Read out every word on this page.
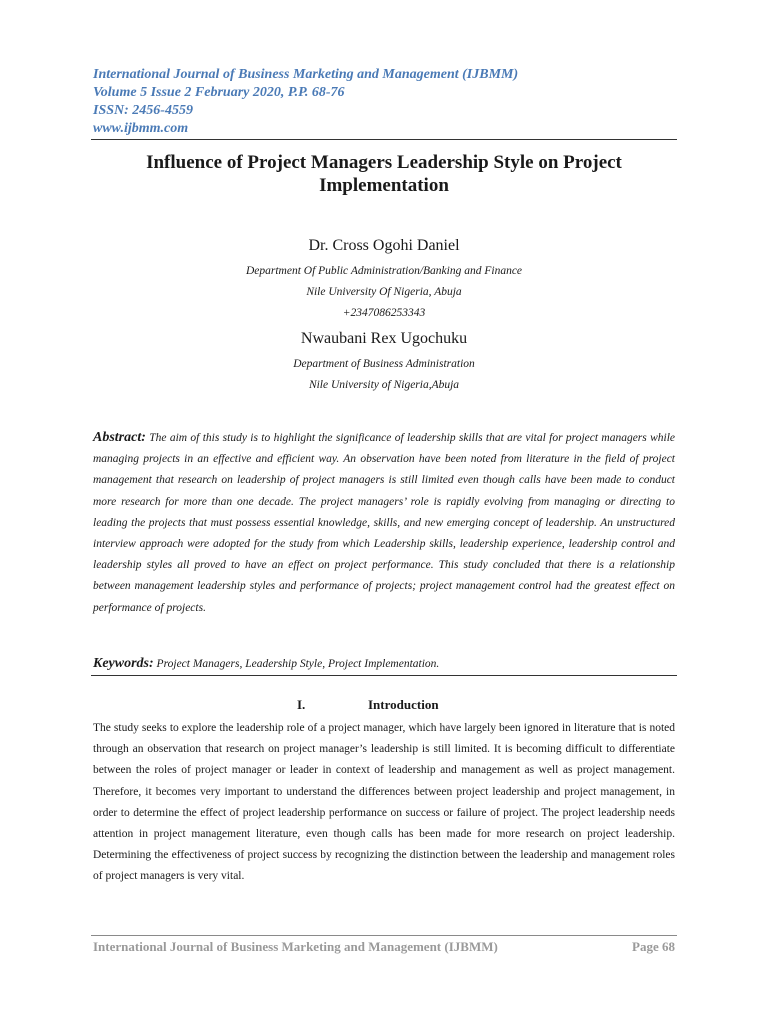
International Journal of Business Marketing and Management (IJBMM)
Volume 5 Issue 2 February 2020, P.P. 68-76
ISSN: 2456-4559
www.ijbmm.com
Influence of Project Managers Leadership Style on Project Implementation
Dr. Cross Ogohi Daniel
Department Of Public Administration/Banking and Finance
Nile University Of Nigeria, Abuja
+2347086253343
Nwaubani Rex Ugochuku
Department of Business Administration
Nile University of Nigeria,Abuja

Abstract: The aim of this study is to highlight the significance of leadership skills that are vital for project managers while managing projects in an effective and efficient way. An observation have been noted from literature in the field of project management that research on leadership of project managers is still limited even though calls have been made to conduct more research for more than one decade. The project managers’ role is rapidly evolving from managing or directing to leading the projects that must possess essential knowledge, skills, and new emerging concept of leadership. An unstructured interview approach were adopted for the study from which Leadership skills, leadership experience, leadership control and leadership styles all proved to have an effect on project performance. This study concluded that there is a relationship between management leadership styles and performance of projects; project management control had the greatest effect on performance of projects.

Keywords: Project Managers, Leadership Style, Project Implementation.
I.	Introduction

The study seeks to explore the leadership role of a project manager, which have largely been ignored in literature that is noted through an observation that research on project manager’s leadership is still limited. It is becoming difficult to differentiate between the roles of project manager or leader in context of leadership and management as well as project management. Therefore, it becomes very important to understand the differences between project leadership and project management, in order to determine the effect of project leadership performance on success or failure of project. The project leadership needs attention in project management literature, even though calls has been made for more research on project leadership. Determining the effectiveness of project success by recognizing the distinction between the leadership and management roles of project managers is very vital.

International Journal of Business Marketing and Management (IJBMM)	Page 68
